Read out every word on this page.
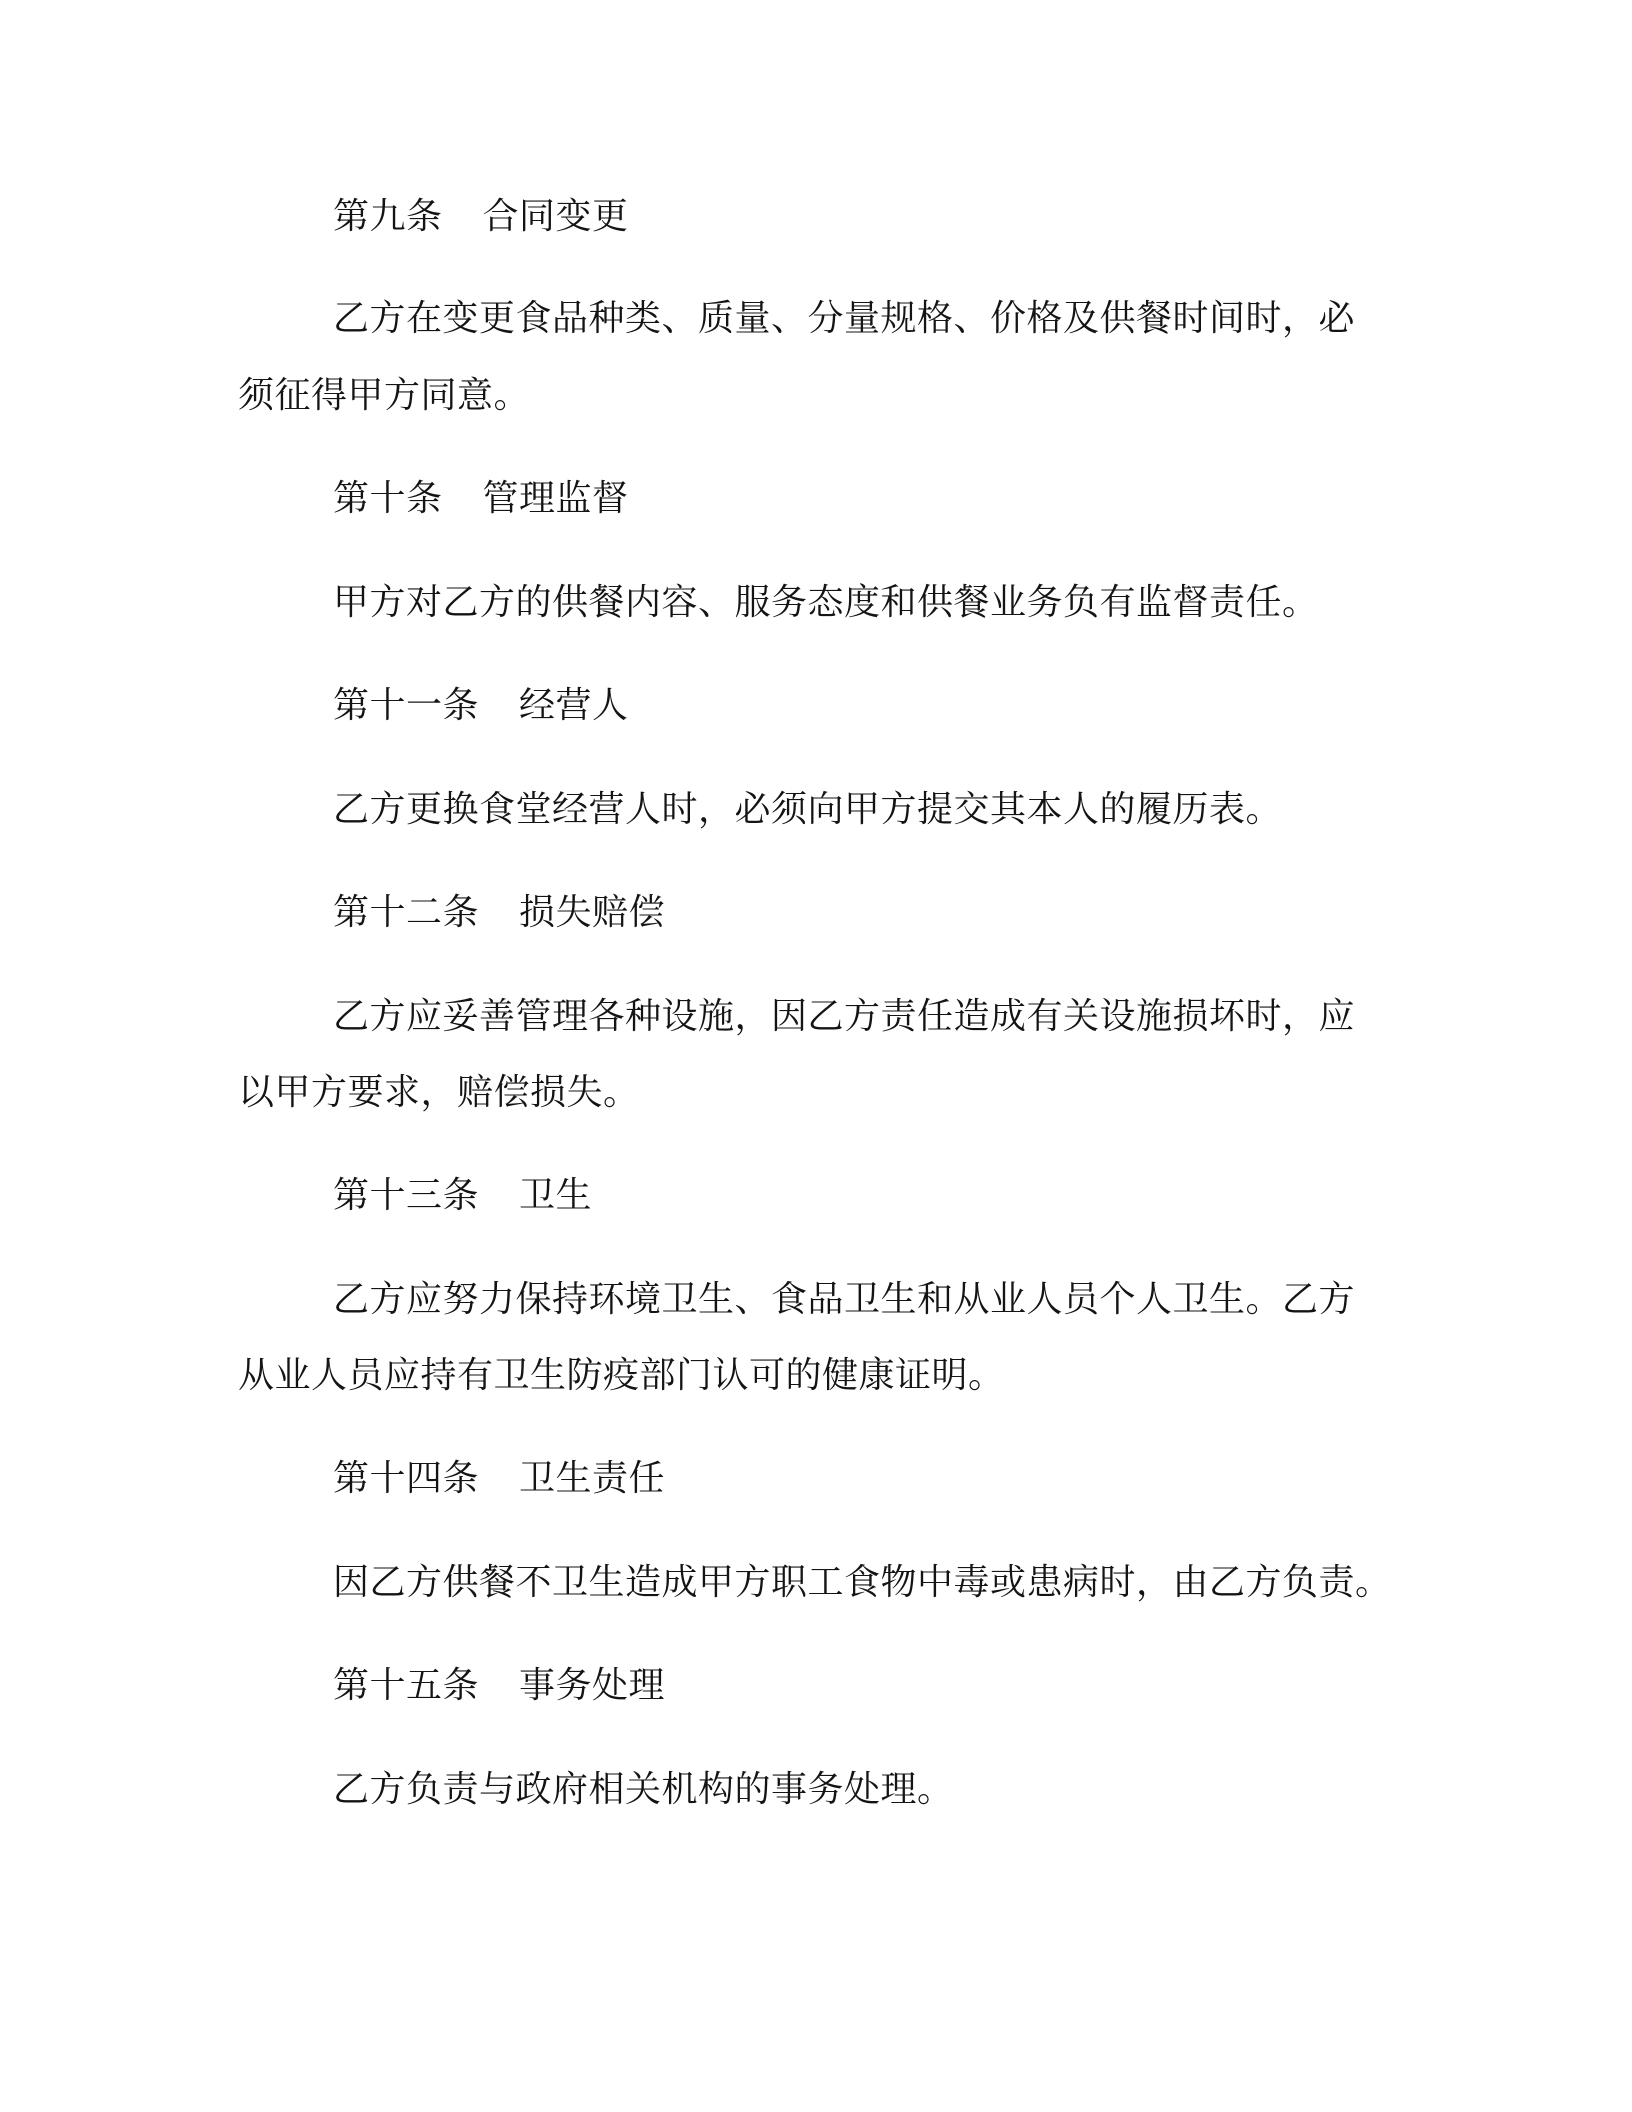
第九条 合同变更
乙方在变更食品种类、质量、分量规格、价格及供餐时间时，必
须征得甲方同意。
第十条 管理监督
甲方对乙方的供餐内容、服务态度和供餐业务负有监督责任。
第十一条 经营人
乙方更换食堂经营人时，必须向甲方提交其本人的履历表。
第十二条 损失赔偿
乙方应妥善管理各种设施，因乙方责任造成有关设施损坏时，应
以甲方要求，赔偿损失。
第十三条 卫生
乙方应努力保持环境卫生、食品卫生和从业人员个人卫生。乙方
从业人员应持有卫生防疫部门认可的健康证明。
第十四条 卫生责任
因乙方供餐不卫生造成甲方职工食物中毒或患病时，由乙方负责。
第十五条 事务处理
乙方负责与政府相关机构的事务处理。
